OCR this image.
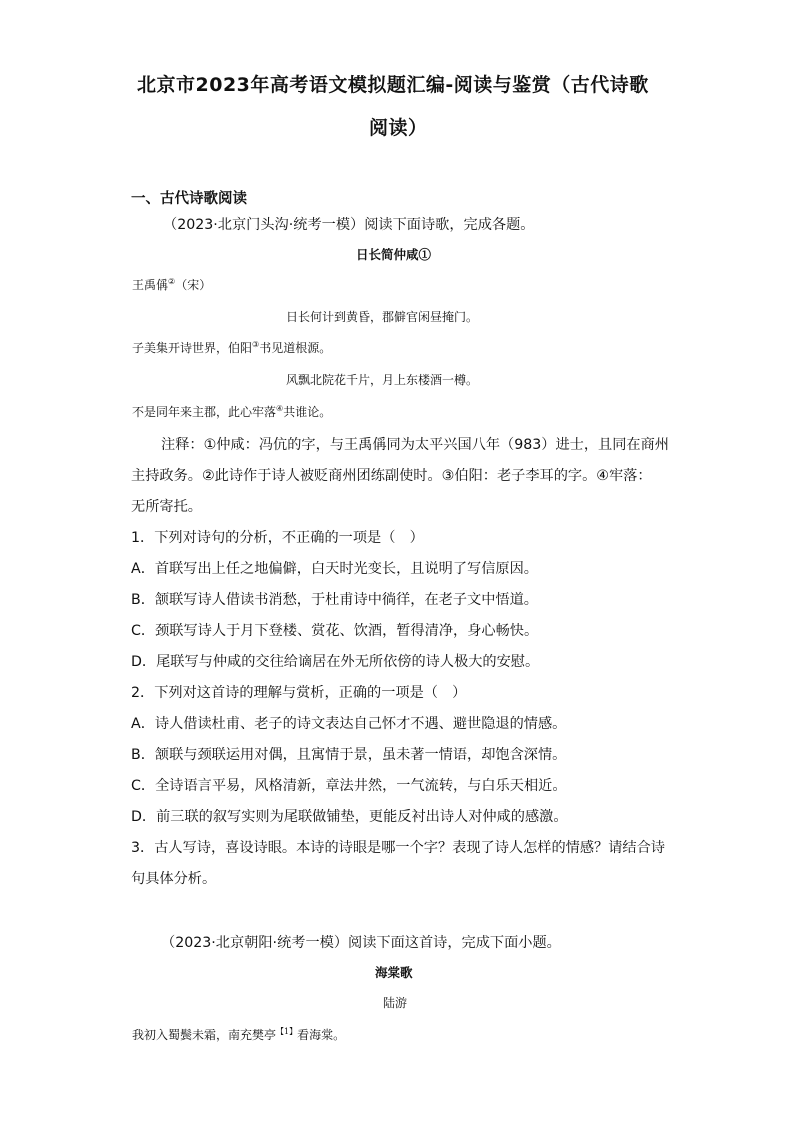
北京市2023年高考语文模拟题汇编-阅读与鉴赏（古代诗歌
阅读）
一、古代诗歌阅读
（2023·北京门头沟·统考一模）阅读下面诗歌，完成各题。
日长简仲咸①
王禹偁②（宋）
日长何计到黄昏，郡僻官闲昼掩门。
子美集开诗世界，伯阳③书见道根源。
风飘北院花千片，月上东楼酒一樽。
不是同年来主郡，此心牢落④共谁论。
注释：①仲咸：冯伉的字，与王禹偁同为太平兴国八年（983）进士，且同在商州
主持政务。②此诗作于诗人被贬商州团练副使时。③伯阳：老子李耳的字。④牢落：
无所寄托。
1．下列对诗句的分析，不正确的一项是（　）
A．首联写出上任之地偏僻，白天时光变长，且说明了写信原因。
B．颔联写诗人借读书消愁，于杜甫诗中徜徉，在老子文中悟道。
C．颈联写诗人于月下登楼、赏花、饮酒，暂得清净，身心畅快。
D．尾联写与仲咸的交往给谪居在外无所依傍的诗人极大的安慰。
2．下列对这首诗的理解与赏析，正确的一项是（　）
A．诗人借读杜甫、老子的诗文表达自己怀才不遇、避世隐退的情感。
B．颔联与颈联运用对偶，且寓情于景，虽未著一情语，却饱含深情。
C．全诗语言平易，风格清新，章法井然，一气流转，与白乐天相近。
D．前三联的叙写实则为尾联做铺垫，更能反衬出诗人对仲咸的感激。
3．古人写诗，喜设诗眼。本诗的诗眼是哪一个字？表现了诗人怎样的情感？请结合诗
句具体分析。
（2023·北京朝阳·统考一模）阅读下面这首诗，完成下面小题。
海棠歌
陆游
我初入蜀鬓未霜，南充樊亭$^{【1】}$看海棠。
